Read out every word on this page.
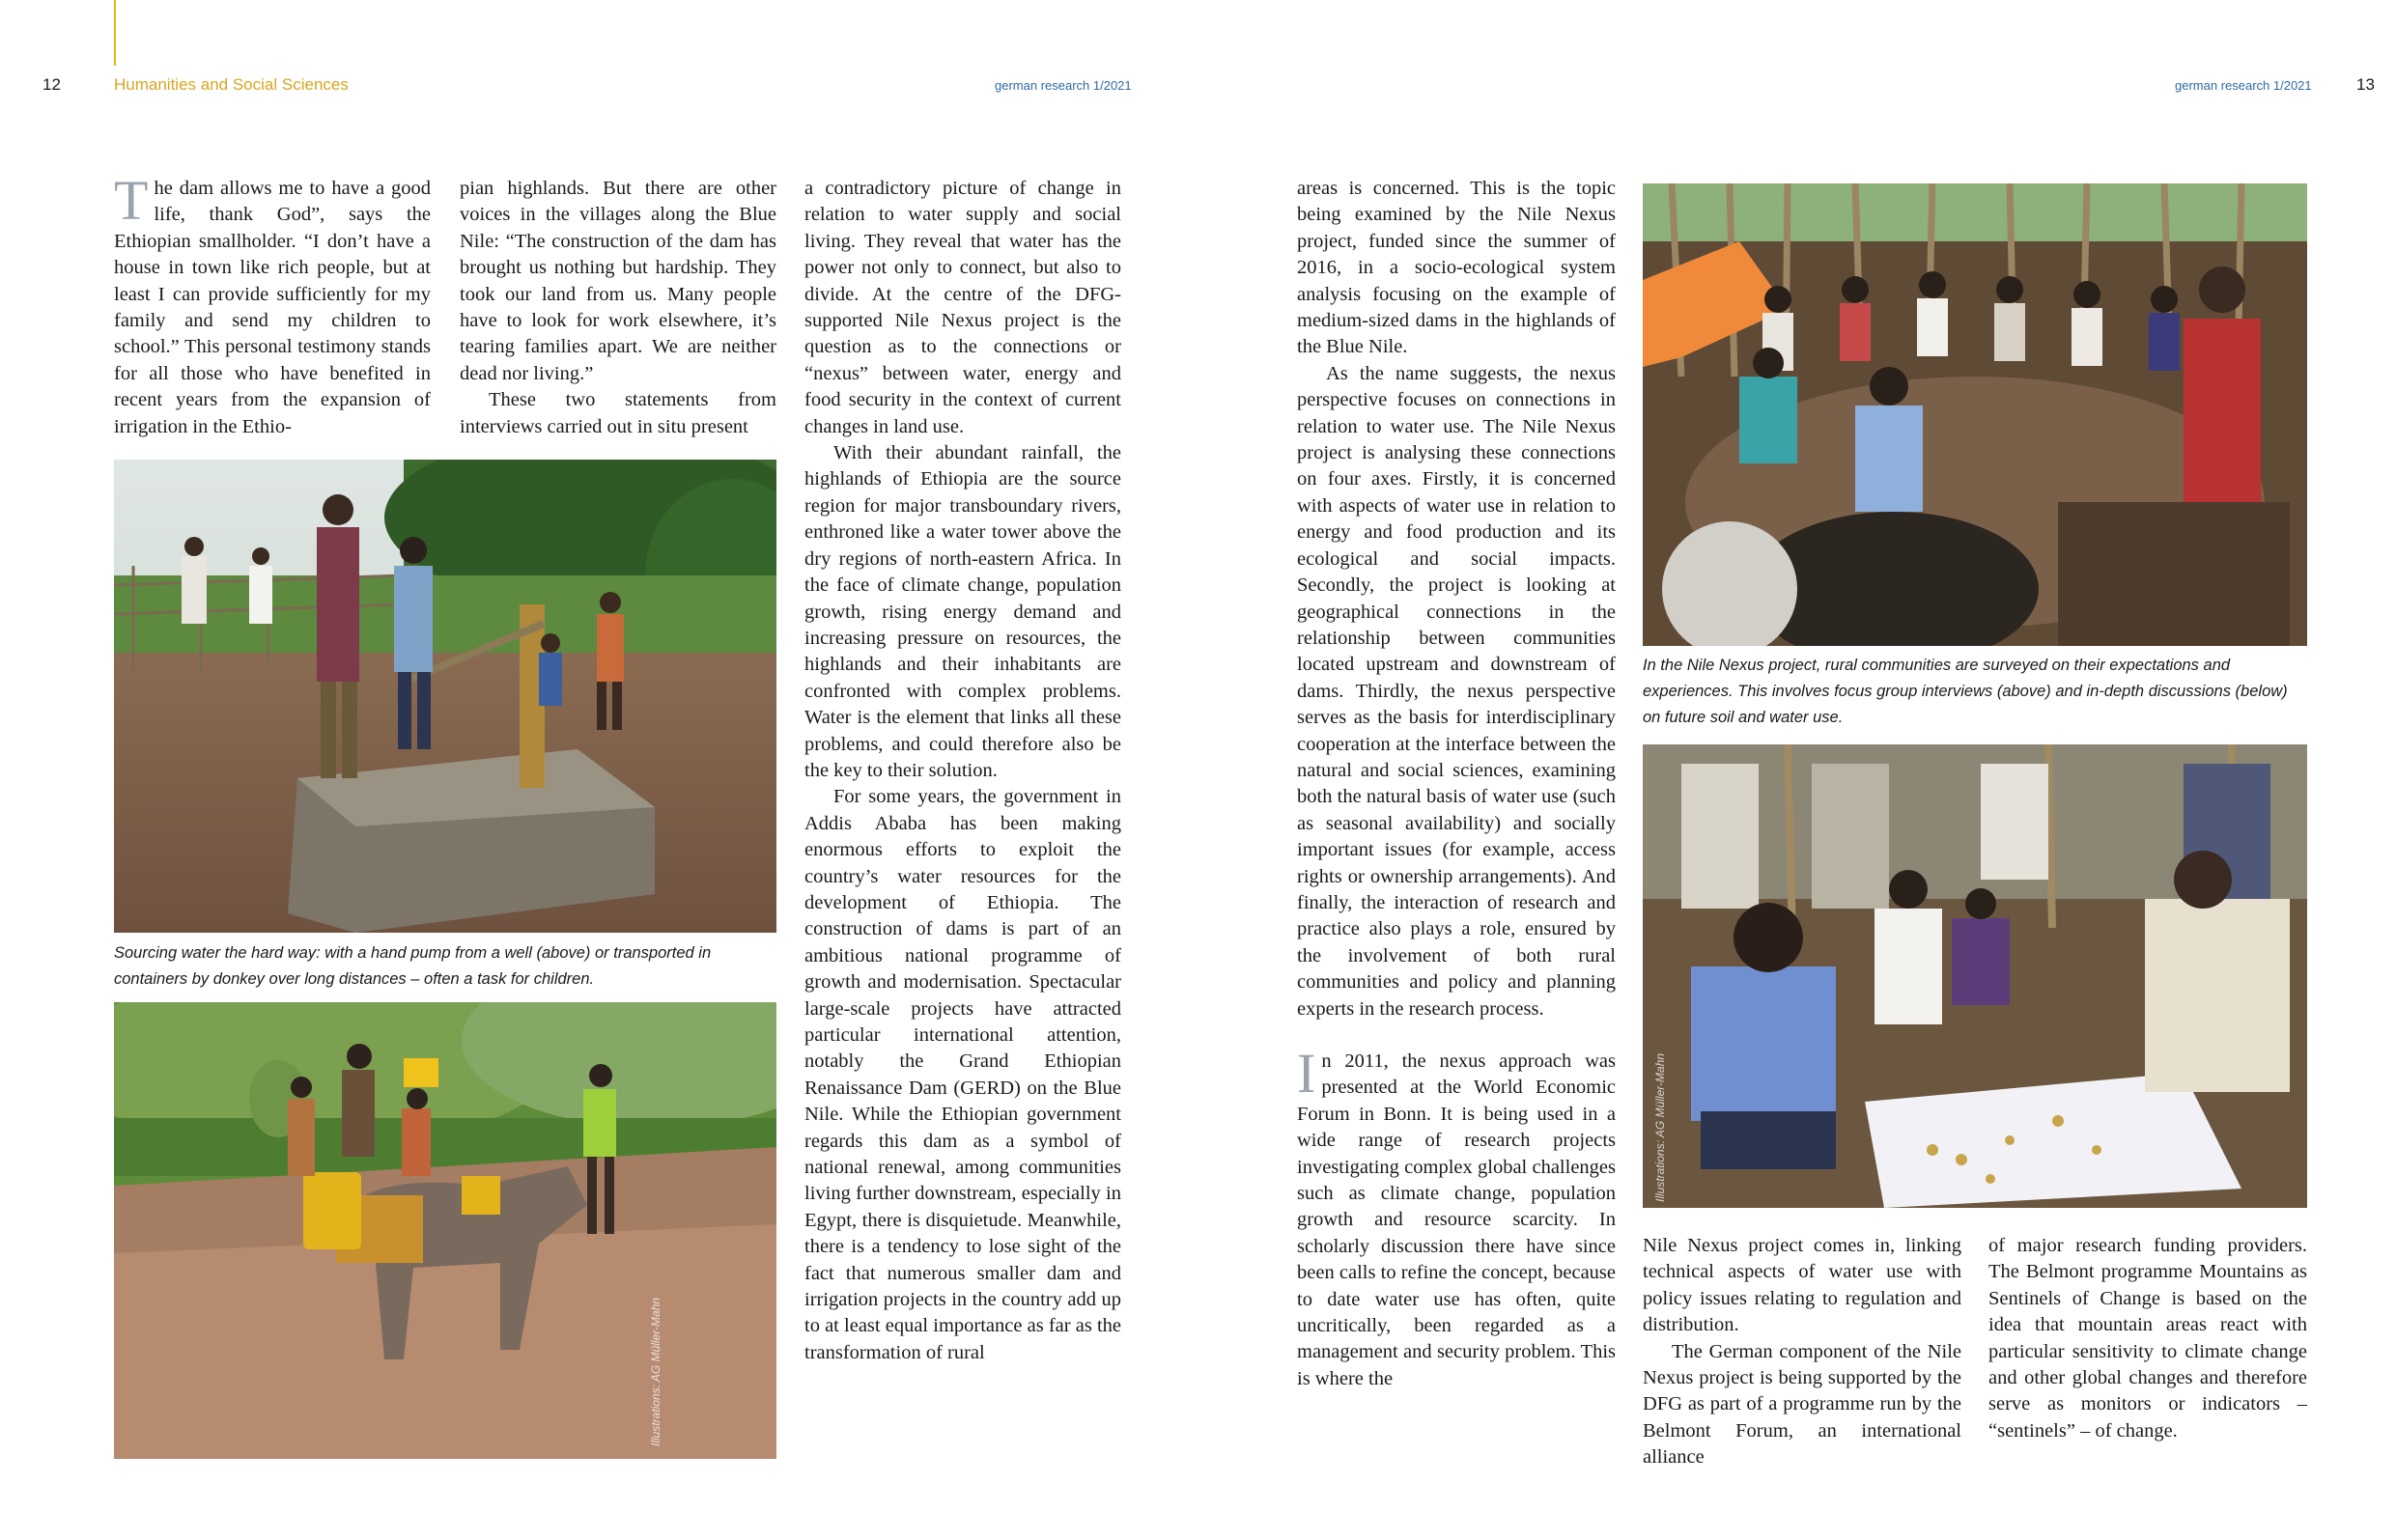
12	Humanities and Social Sciences	german research 1/2021	german research 1/2021	13
T he dam allows me to have a good life, thank God”, says the Ethiopian smallholder. “I don’t have a house in town like rich people, but at least I can provide sufficiently for my family and send my children to school.” This personal testimony stands for all those who have benefited in recent years from the expansion of irrigation in the Ethio-

pian highlands. But there are other voices in the villages along the Blue Nile: “The construction of the dam has brought us nothing but hardship. They took our land from us. Many people have to look for work elsewhere, it’s tearing families apart. We are neither dead nor living.”

These two statements from interviews carried out in situ present

a contradictory picture of change in relation to water supply and social living. They reveal that water has the power not only to connect, but also to divide. At the centre of the DFG-supported Nile Nexus project is the question as to the connections or “nexus” between water, energy and food security in the context of current changes in land use.

With their abundant rainfall, the highlands of Ethiopia are the source region for major transboundary rivers, enthroned like a water tower above the dry regions of north-eastern Africa. In the face of climate change, population growth, rising energy demand and increasing pressure on resources, the highlands and their inhabitants are confronted with complex problems. Water is the element that links all these problems, and could therefore also be the key to their solution.

For some years, the government in Addis Ababa has been making enormous efforts to exploit the country’s water resources for the development of Ethiopia. The construction of dams is part of an ambitious national programme of growth and modernisation. Spectacular large-scale projects have attracted particular international attention, notably the Grand Ethiopian Renaissance Dam (GERD) on the Blue Nile. While the Ethiopian government regards this dam as a symbol of national renewal, among communities living further downstream, especially in Egypt, there is disquietude. Meanwhile, there is a tendency to lose sight of the fact that numerous smaller dam and irrigation projects in the country add up to at least equal importance as far as the transformation of rural

Sourcing water the hard way: with a hand pump from a well (above) or transported in containers by donkey over long distances – often a task for children.

Illustrations: AG Müller-Mahn

areas is concerned. This is the topic being examined by the Nile Nexus project, funded since the summer of 2016, in a socio-ecological system analysis focusing on the example of medium-sized dams in the highlands of the Blue Nile.

As the name suggests, the nexus perspective focuses on connections in relation to water use. The Nile Nexus project is analysing these connections on four axes. Firstly, it is concerned with aspects of water use in relation to energy and food production and its ecological and social impacts. Secondly, the project is looking at geographical connections in the relationship between communities located upstream and downstream of dams. Thirdly, the nexus perspective serves as the basis for interdisciplinary cooperation at the interface between the natural and social sciences, examining both the natural basis of water use (such as seasonal availability) and socially important issues (for example, access rights or ownership arrangements). And finally, the interaction of research and practice also plays a role, ensured by the involvement of both rural communities and policy and planning experts in the research process.

I n 2011, the nexus approach was presented at the World Economic Forum in Bonn. It is being used in a wide range of research projects investigating complex global challenges such as climate change, population growth and resource scarcity. In scholarly discussion there have since been calls to refine the concept, because to date water use has often, quite uncritically, been regarded as a management and security problem. This is where the

Nile Nexus project comes in, linking technical aspects of water use with policy issues relating to regulation and distribution.

The German component of the Nile Nexus project is being supported by the DFG as part of a programme run by the Belmont Forum, an international alliance

of major research funding providers. The Belmont programme Mountains as Sentinels of Change is based on the idea that mountain areas react with particular sensitivity to climate change and other global changes and therefore serve as monitors or indicators – “sentinels” – of change.

In the Nile Nexus project, rural communities are surveyed on their expectations and experiences. This involves focus group interviews (above) and in-depth discussions (below) on future soil and water use.

Illustrations: AG Müller-Mahn
